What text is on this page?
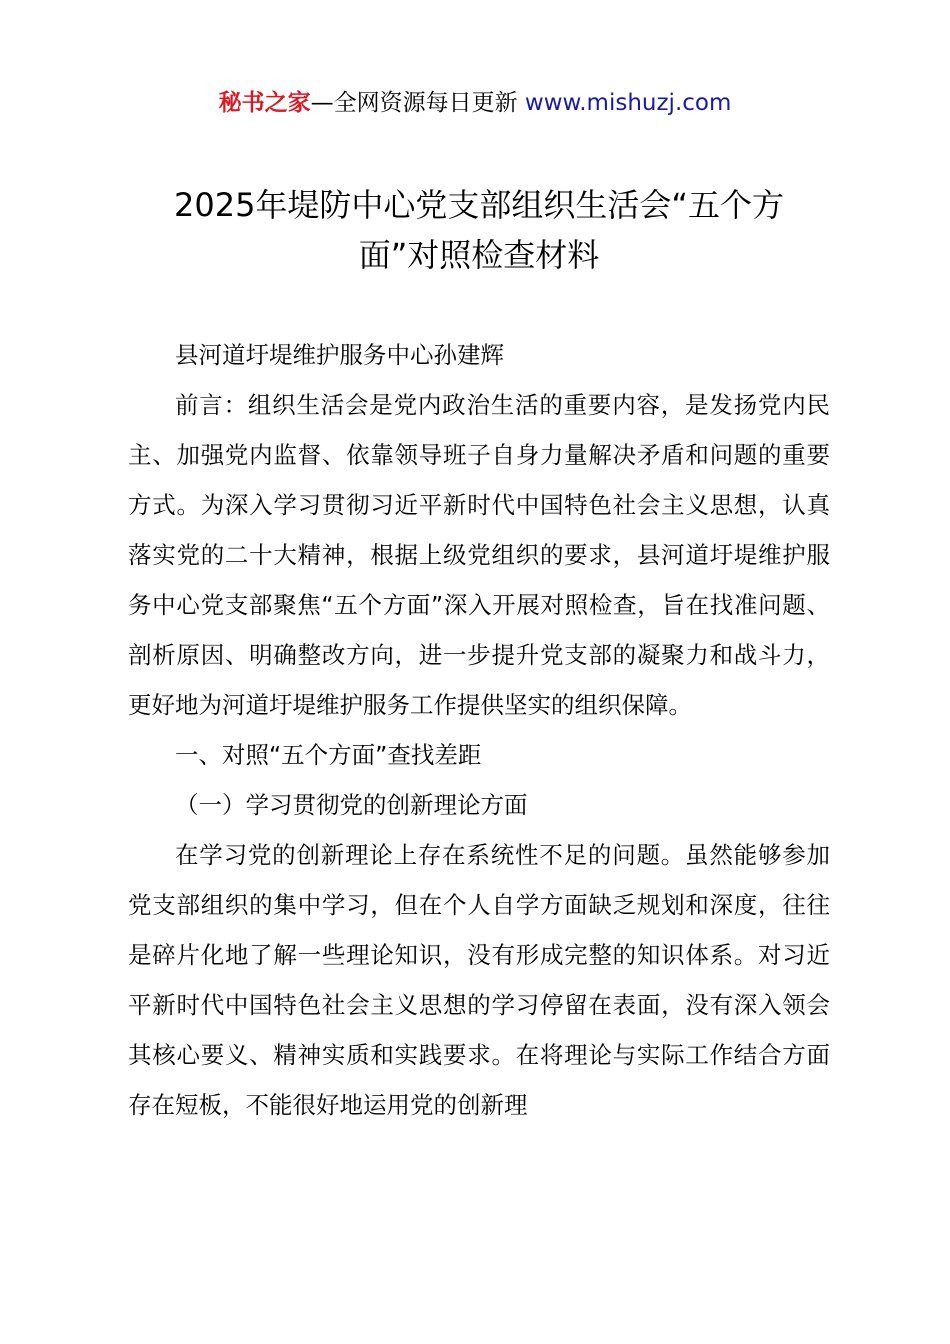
秘书之家—全网资源每日更新 www.mishuzj.com
2025年堤防中心党支部组织生活会“五个方
面”对照检查材料

县河道圩堤维护服务中心孙建辉

前言：组织生活会是党内政治生活的重要内容，是发扬党内民主、加强党内监督、依靠领导班子自身力量解决矛盾和问题的重要方式。为深入学习贯彻习近平新时代中国特色社会主义思想，认真落实党的二十大精神，根据上级党组织的要求，县河道圩堤维护服务中心党支部聚焦“五个方面”深入开展对照检查，旨在找准问题、剖析原因、明确整改方向，进一步提升党支部的凝聚力和战斗力，更好地为河道圩堤维护服务工作提供坚实的组织保障。

一、对照“五个方面”查找差距

（一）学习贯彻党的创新理论方面

在学习党的创新理论上存在系统性不足的问题。虽然能够参加党支部组织的集中学习，但在个人自学方面缺乏规划和深度，往往是碎片化地了解一些理论知识，没有形成完整的知识体系。对习近平新时代中国特色社会主义思想的学习停留在表面，没有深入领会其核心要义、精神实质和实践要求。在将理论与实际工作结合方面存在短板，不能很好地运用党的创新理
